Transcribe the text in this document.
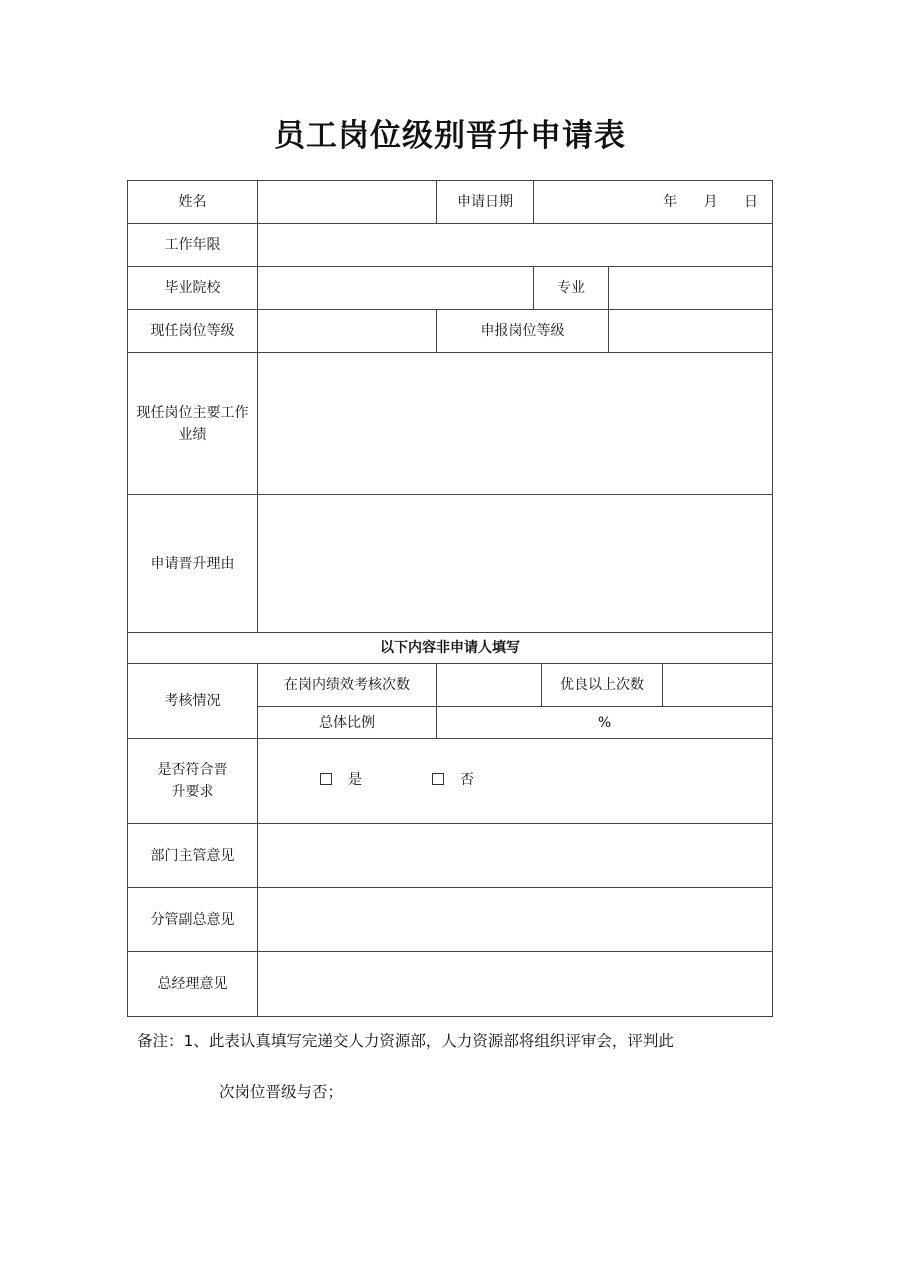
员工岗位级别晋升申请表
姓名		申请日期	年 月 日			
工作年限						
毕业院校			专业			
现任岗位等级		申报岗位等级				
现任岗位主要工作业绩						
申请晋升理由						
以下内容非申请人填写						
考核情况	在岗内绩效考核次数			优良以上次数		
	总体比例	%				
是否符合晋升要求	是 否					
部门主管意见						
分管副总意见						
总经理意见						
备注：1、此表认真填写完递交人力资源部，人力资源部将组织评审会，评判此
次岗位晋级与否；
